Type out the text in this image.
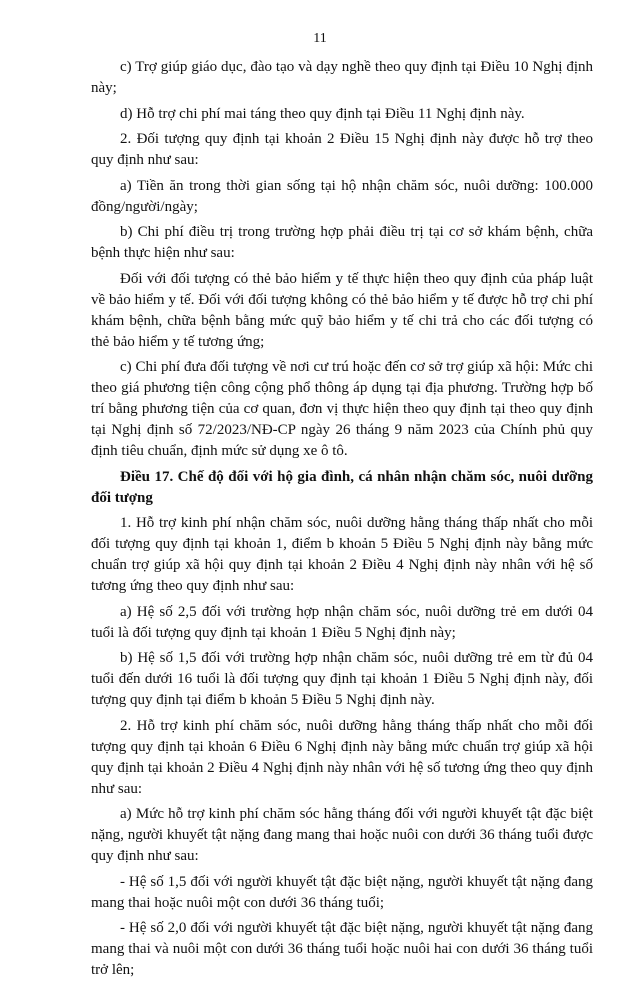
11

c) Trợ giúp giáo dục, đào tạo và dạy nghề theo quy định tại Điều 10 Nghị định này;

d) Hỗ trợ chi phí mai táng theo quy định tại Điều 11 Nghị định này.

2. Đối tượng quy định tại khoản 2 Điều 15 Nghị định này được hỗ trợ theo quy định như sau:

a) Tiền ăn trong thời gian sống tại hộ nhận chăm sóc, nuôi dưỡng: 100.000 đồng/người/ngày;

b) Chi phí điều trị trong trường hợp phải điều trị tại cơ sở khám bệnh, chữa bệnh thực hiện như sau:

Đối với đối tượng có thẻ bảo hiểm y tế thực hiện theo quy định của pháp luật về bảo hiểm y tế. Đối với đối tượng không có thẻ bảo hiểm y tế được hỗ trợ chi phí khám bệnh, chữa bệnh bằng mức quỹ bảo hiểm y tế chi trả cho các đối tượng có thẻ bảo hiểm y tế tương ứng;

c) Chi phí đưa đối tượng về nơi cư trú hoặc đến cơ sở trợ giúp xã hội: Mức chi theo giá phương tiện công cộng phổ thông áp dụng tại địa phương. Trường hợp bố trí bằng phương tiện của cơ quan, đơn vị thực hiện theo quy định tại theo quy định tại Nghị định số 72/2023/NĐ-CP ngày 26 tháng 9 năm 2023 của Chính phủ quy định tiêu chuẩn, định mức sử dụng xe ô tô.

Điều 17. Chế độ đối với hộ gia đình, cá nhân nhận chăm sóc, nuôi dưỡng đối tượng

1. Hỗ trợ kinh phí nhận chăm sóc, nuôi dưỡng hằng tháng thấp nhất cho mỗi đối tượng quy định tại khoản 1, điểm b khoản 5 Điều 5 Nghị định này bằng mức chuẩn trợ giúp xã hội quy định tại khoản 2 Điều 4 Nghị định này nhân với hệ số tương ứng theo quy định như sau:

a) Hệ số 2,5 đối với trường hợp nhận chăm sóc, nuôi dưỡng trẻ em dưới 04 tuổi là đối tượng quy định tại khoản 1 Điều 5 Nghị định này;

b) Hệ số 1,5 đối với trường hợp nhận chăm sóc, nuôi dưỡng trẻ em từ đủ 04 tuổi đến dưới 16 tuổi là đối tượng quy định tại khoản 1 Điều 5 Nghị định này, đối tượng quy định tại điểm b khoản 5 Điều 5 Nghị định này.

2. Hỗ trợ kinh phí chăm sóc, nuôi dưỡng hằng tháng thấp nhất cho mỗi đối tượng quy định tại khoản 6 Điều 6 Nghị định này bằng mức chuẩn trợ giúp xã hội quy định tại khoản 2 Điều 4 Nghị định này nhân với hệ số tương ứng theo quy định như sau:

a) Mức hỗ trợ kinh phí chăm sóc hằng tháng đối với người khuyết tật đặc biệt nặng, người khuyết tật nặng đang mang thai hoặc nuôi con dưới 36 tháng tuổi được quy định như sau:

- Hệ số 1,5 đối với người khuyết tật đặc biệt nặng, người khuyết tật nặng đang mang thai hoặc nuôi một con dưới 36 tháng tuổi;

- Hệ số 2,0 đối với người khuyết tật đặc biệt nặng, người khuyết tật nặng đang mang thai và nuôi một con dưới 36 tháng tuổi hoặc nuôi hai con dưới 36 tháng tuổi trở lên;
